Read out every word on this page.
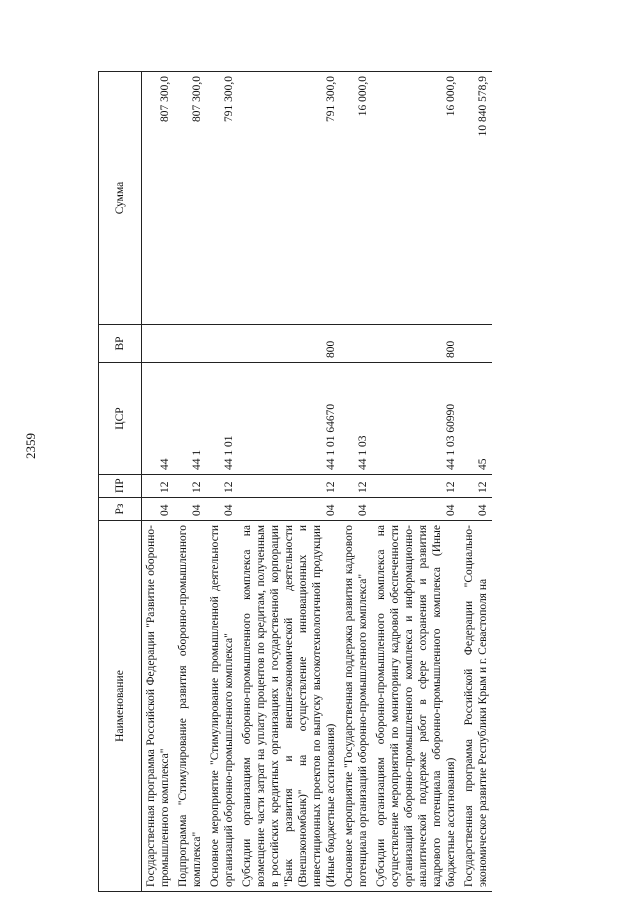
2359
Наименование	Рз	ПР	ЦСР	ВР	Сумма
Государственная программа Российской Федерации "Развитие оборонно-промышленного комплекса"	04	12	44		807 300,0
Подпрограмма "Стимулирование развития оборонно-промышленного комплекса"	04	12	44 1		807 300,0
Основное мероприятие "Стимулирование промышленной деятельности организаций оборонно-промышленного комплекса"	04	12	44 1 01		791 300,0
Субсидии организациям оборонно-промышленного комплекса на возмещение части затрат на уплату процентов по кредитам, полученным в российских кредитных организациях и государственной корпорации "Банк развития и внешнеэкономической деятельности (Внешэкономбанк)" на осуществление инновационных и инвестиционных проектов по выпуску высокотехнологичной продукции (Иные бюджетные ассигнования)	04	12	44 1 01 64670	800	791 300,0
Основное мероприятие "Государственная поддержка развития кадрового потенциала организаций оборонно-промышленного комплекса"	04	12	44 1 03		16 000,0
Субсидии организациям оборонно-промышленного комплекса на осуществление мероприятий по мониторингу кадровой обеспеченности организаций оборонно-промышленного комплекса и информационно-аналитической поддержке работ в сфере сохранения и развития кадрового потенциала оборонно-промышленного комплекса (Иные бюджетные ассигнования)	04	12	44 1 03 60990	800	16 000,0
Государственная программа Российской Федерации "Социально-экономическое развитие Республики Крым и г. Севастополя на	04	12	45		10 840 578,9
